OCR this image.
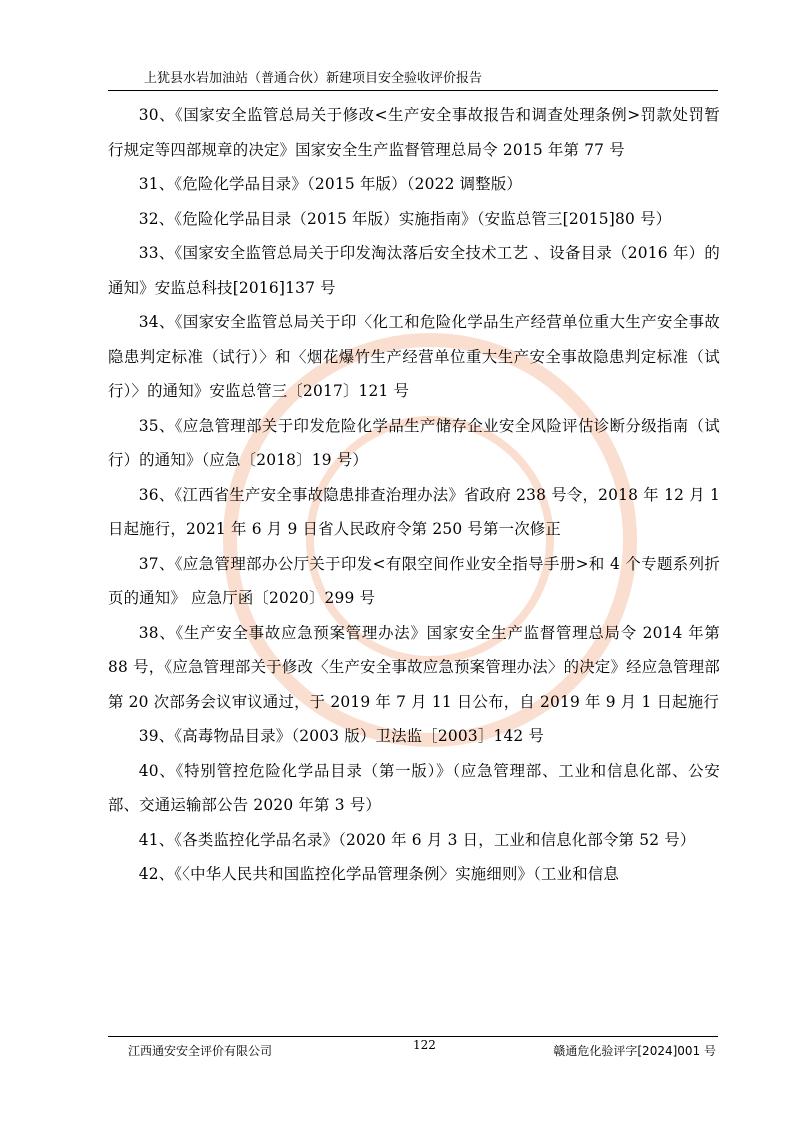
上犹县水岩加油站（普通合伙）新建项目安全验收评价报告

30、《国家安全监管总局关于修改<生产安全事故报告和调查处理条例>罚款处罚暂行规定等四部规章的决定》国家安全生产监督管理总局令 2015 年第 77 号

31、《危险化学品目录》（2015 年版）（2022 调整版）

32、《危险化学品目录（2015 年版）实施指南》（安监总管三[2015]80 号）

33、《国家安全监管总局关于印发淘汰落后安全技术工艺 、设备目录（2016 年）的通知》安监总科技[2016]137 号

34、《国家安全监管总局关于印〈化工和危险化学品生产经营单位重大生产安全事故隐患判定标准（试行）〉和〈烟花爆竹生产经营单位重大生产安全事故隐患判定标准（试行）〉的通知》安监总管三〔2017〕121 号

35、《应急管理部关于印发危险化学品生产储存企业安全风险评估诊断分级指南（试行）的通知》（应急〔2018〕19 号）

36、《江西省生产安全事故隐患排查治理办法》省政府 238 号令，2018 年 12 月 1 日起施行，2021 年 6 月 9 日省人民政府令第 250 号第一次修正

37、《应急管理部办公厅关于印发<有限空间作业安全指导手册>和 4 个专题系列折页的通知》 应急厅函〔2020〕299 号

38、《生产安全事故应急预案管理办法》国家安全生产监督管理总局令 2014 年第 88 号，《应急管理部关于修改〈生产安全事故应急预案管理办法〉的决定》经应急管理部第 20 次部务会议审议通过，于 2019 年 7 月 11 日公布，自 2019 年 9 月 1 日起施行

39、《高毒物品目录》（2003 版）卫法监［2003］142 号

40、《特别管控危险化学品目录（第一版）》（应急管理部、工业和信息化部、公安部、交通运输部公告 2020 年第 3 号）

41、《各类监控化学品名录》（2020 年 6 月 3 日，工业和信息化部令第 52 号）

42、《〈中华人民共和国监控化学品管理条例〉实施细则》（工业和信息

江西通安安全评价有限公司	122	赣通危化验评字[2024]001 号
